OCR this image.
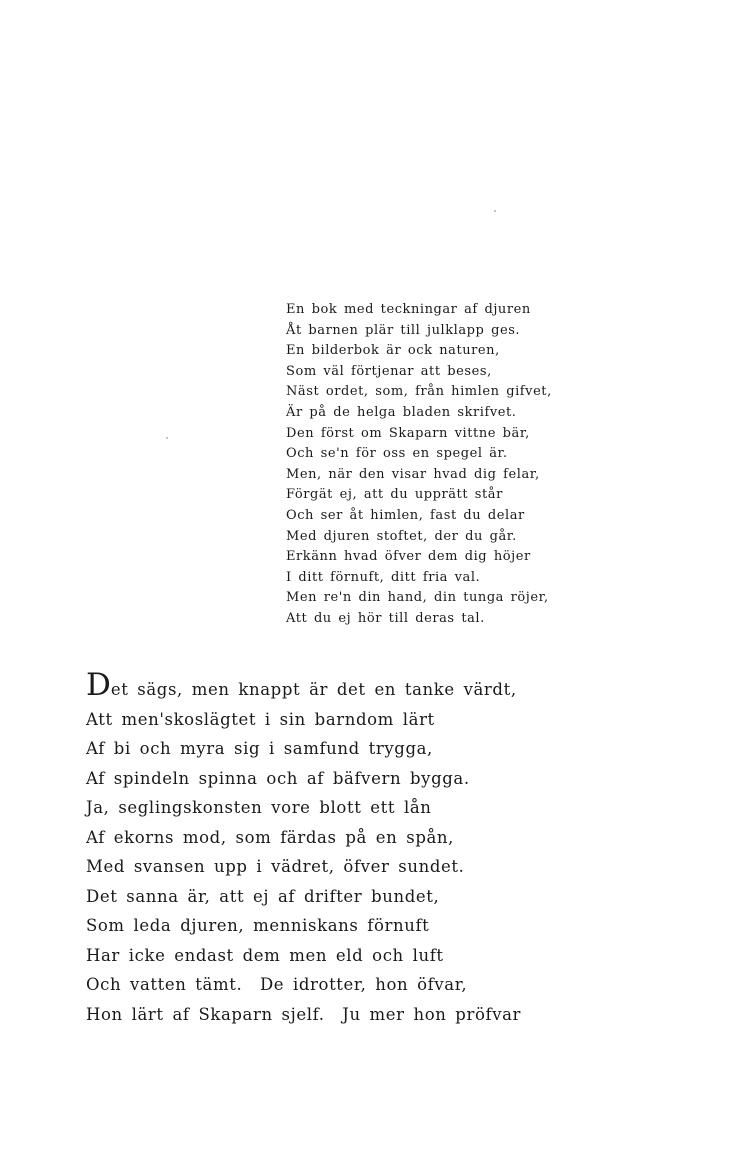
En bok med teckningar af djuren
Åt barnen plär till julklapp ges.
En bilderbok är ock naturen,
Som väl förtjenar att beses,
Näst ordet, som, från himlen gifvet,
Är på de helga bladen skrifvet.
Den först om Skaparn vittne bär,
Och se'n för oss en spegel är.
Men, när den visar hvad dig felar,
Förgät ej, att du upprätt står
Och ser åt himlen, fast du delar
Med djuren stoftet, der du går.
Erkänn hvad öfver dem dig höjer
I ditt förnuft, ditt fria val.
Men re'n din hand, din tunga röjer,
Att du ej hör till deras tal.
Det sägs, men knappt är det en tanke värdt,
Att men'skoslägtet i sin barndom lärt
Af bi och myra sig i samfund trygga,
Af spindeln spinna och af bäfvern bygga.
Ja, seglingskonsten vore blott ett lån
Af ekorns mod, som färdas på en spån,
Med svansen upp i vädret, öfver sundet.
Det sanna är, att ej af drifter bundet,
Som leda djuren, menniskans förnuft
Har icke endast dem men eld och luft
Och vatten tämt.  De idrotter, hon öfvar,
Hon lärt af Skaparn sjelf.  Ju mer hon pröfvar
